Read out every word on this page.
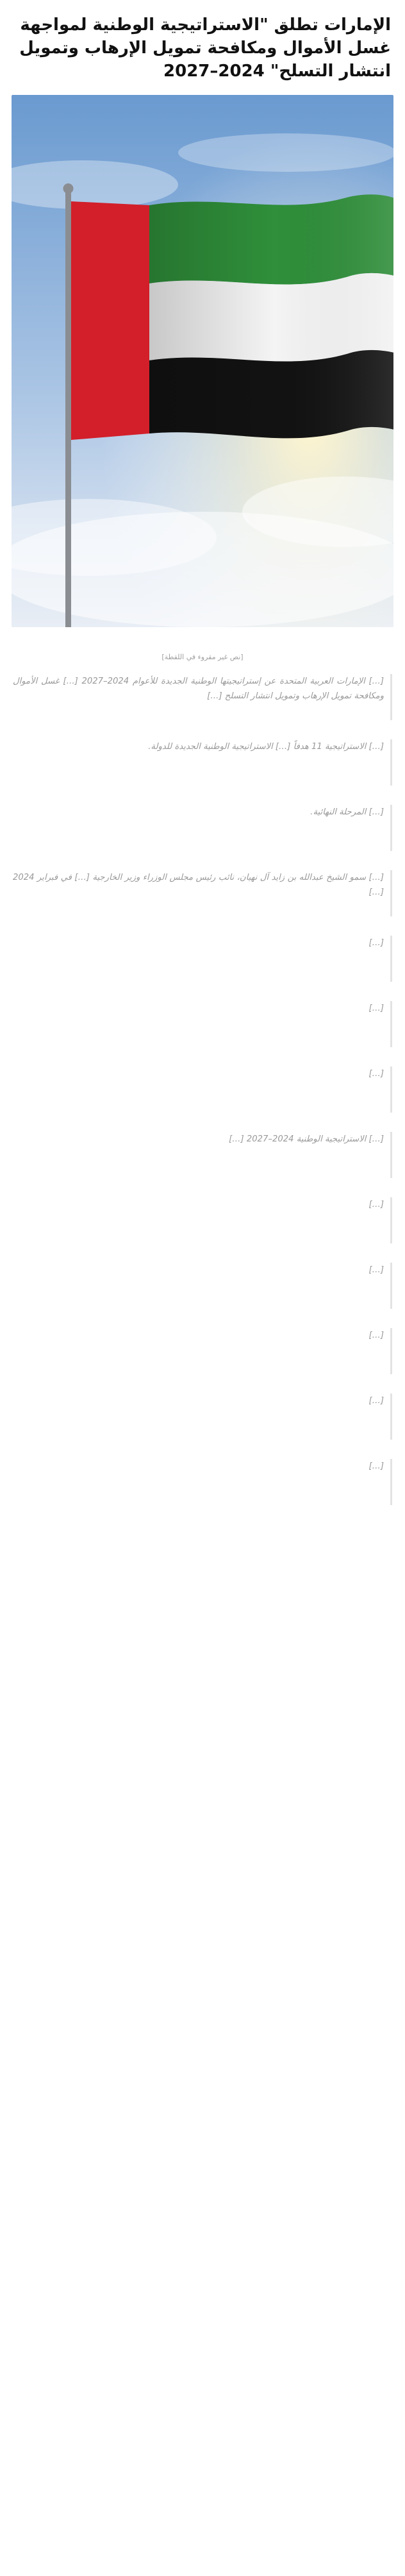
الإمارات تطلق "الاستراتيجية الوطنية لمواجهة غسل الأموال ومكافحة تمويل الإرهاب وتمويل انتشار التسلح" 2024–2027
[نص غير مقروء في اللقطة]

[…] الإمارات العربية المتحدة عن إستراتيجيتها الوطنية الجديدة للأعوام 2024–2027 […] غسل الأموال ومكافحة تمويل الإرهاب وتمويل انتشار التسلح […]

[…] الاستراتيجية 11 هدفاً […] الاستراتيجية الوطنية الجديدة للدولة.

[…] المرحلة النهائية.

[…] سمو الشيخ عبدالله بن زايد آل نهيان، نائب رئيس مجلس الوزراء وزير الخارجية […] في فبراير 2024 […]

[…]

[…]

[…]

[…] الاستراتيجية الوطنية 2024–2027 […]

[…]

[…]

[…]

[…]

[…]
